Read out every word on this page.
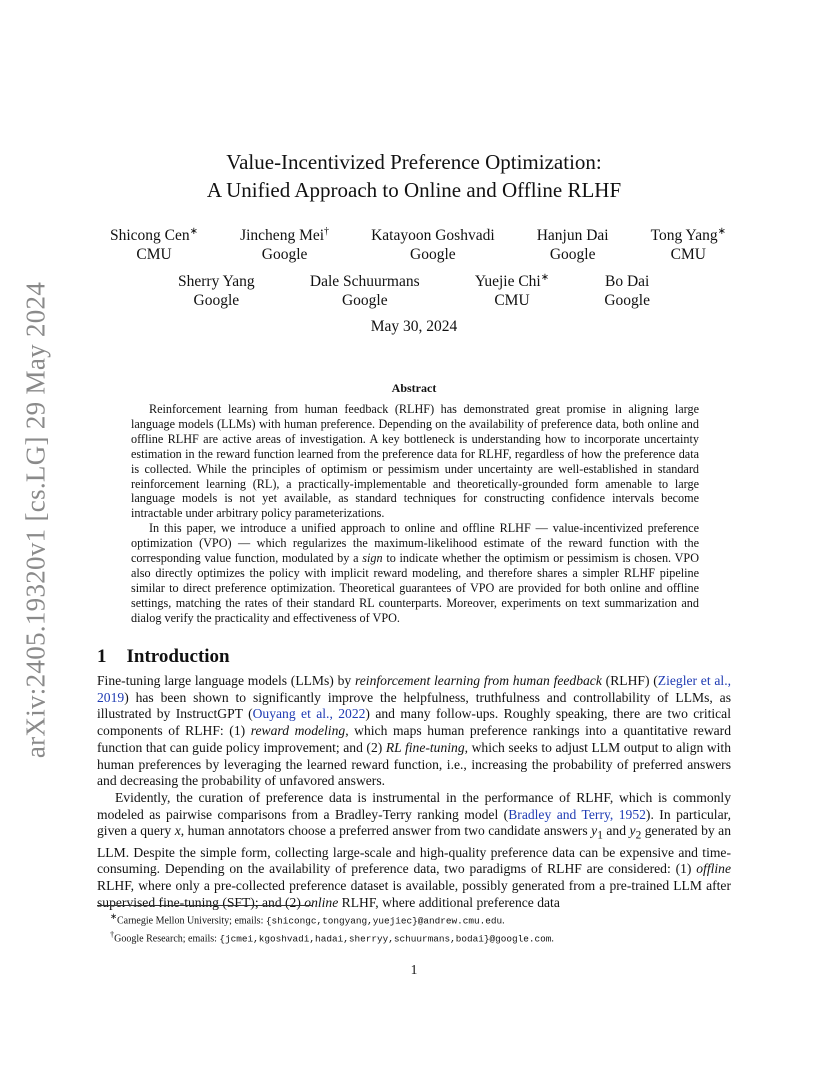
arXiv:2405.19320v1 [cs.LG] 29 May 2024
Value-Incentivized Preference Optimization:
A Unified Approach to Online and Offline RLHF
Shicong Cen∗
CMU
Jincheng Mei†
Google
Katayoon Goshvadi
Google
Hanjun Dai
Google
Tong Yang∗
CMU
Sherry Yang
Google
Dale Schuurmans
Google
Yuejie Chi∗
CMU
Bo Dai
Google
May 30, 2024
Abstract

Reinforcement learning from human feedback (RLHF) has demonstrated great promise in aligning large language models (LLMs) with human preference. Depending on the availability of preference data, both online and offline RLHF are active areas of investigation. A key bottleneck is understanding how to incorporate uncertainty estimation in the reward function learned from the preference data for RLHF, regardless of how the preference data is collected. While the principles of optimism or pessimism under uncertainty are well-established in standard reinforcement learning (RL), a practically-implementable and theoretically-grounded form amenable to large language models is not yet available, as standard techniques for constructing confidence intervals become intractable under arbitrary policy parameterizations.

In this paper, we introduce a unified approach to online and offline RLHF — value-incentivized preference optimization (VPO) — which regularizes the maximum-likelihood estimate of the reward function with the corresponding value function, modulated by a sign to indicate whether the optimism or pessimism is chosen. VPO also directly optimizes the policy with implicit reward modeling, and therefore shares a simpler RLHF pipeline similar to direct preference optimization. Theoretical guarantees of VPO are provided for both online and offline settings, matching the rates of their standard RL counterparts. Moreover, experiments on text summarization and dialog verify the practicality and effectiveness of VPO.

1 Introduction

Fine-tuning large language models (LLMs) by reinforcement learning from human feedback (RLHF) (Ziegler et al., 2019) has been shown to significantly improve the helpfulness, truthfulness and controllability of LLMs, as illustrated by InstructGPT (Ouyang et al., 2022) and many follow-ups. Roughly speaking, there are two critical components of RLHF: (1) reward modeling, which maps human preference rankings into a quantitative reward function that can guide policy improvement; and (2) RL fine-tuning, which seeks to adjust LLM output to align with human preferences by leveraging the learned reward function, i.e., increasing the probability of preferred answers and decreasing the probability of unfavored answers.

Evidently, the curation of preference data is instrumental in the performance of RLHF, which is commonly modeled as pairwise comparisons from a Bradley-Terry ranking model (Bradley and Terry, 1952). In particular, given a query x, human annotators choose a preferred answer from two candidate answers $y_1$ and $y_2$ generated by an LLM. Despite the simple form, collecting large-scale and high-quality preference data can be expensive and time-consuming. Depending on the availability of preference data, two paradigms of RLHF are considered: (1) offline RLHF, where only a pre-collected preference dataset is available, possibly generated from a pre-trained LLM after supervised fine-tuning (SFT); and (2) online RLHF, where additional preference data

∗Carnegie Mellon University; emails: {shicongc,tongyang,yuejiec}@andrew.cmu.edu.
†Google Research; emails: {jcmei,kgoshvadi,hadai,sherryy,schuurmans,bodai}@google.com.
1
